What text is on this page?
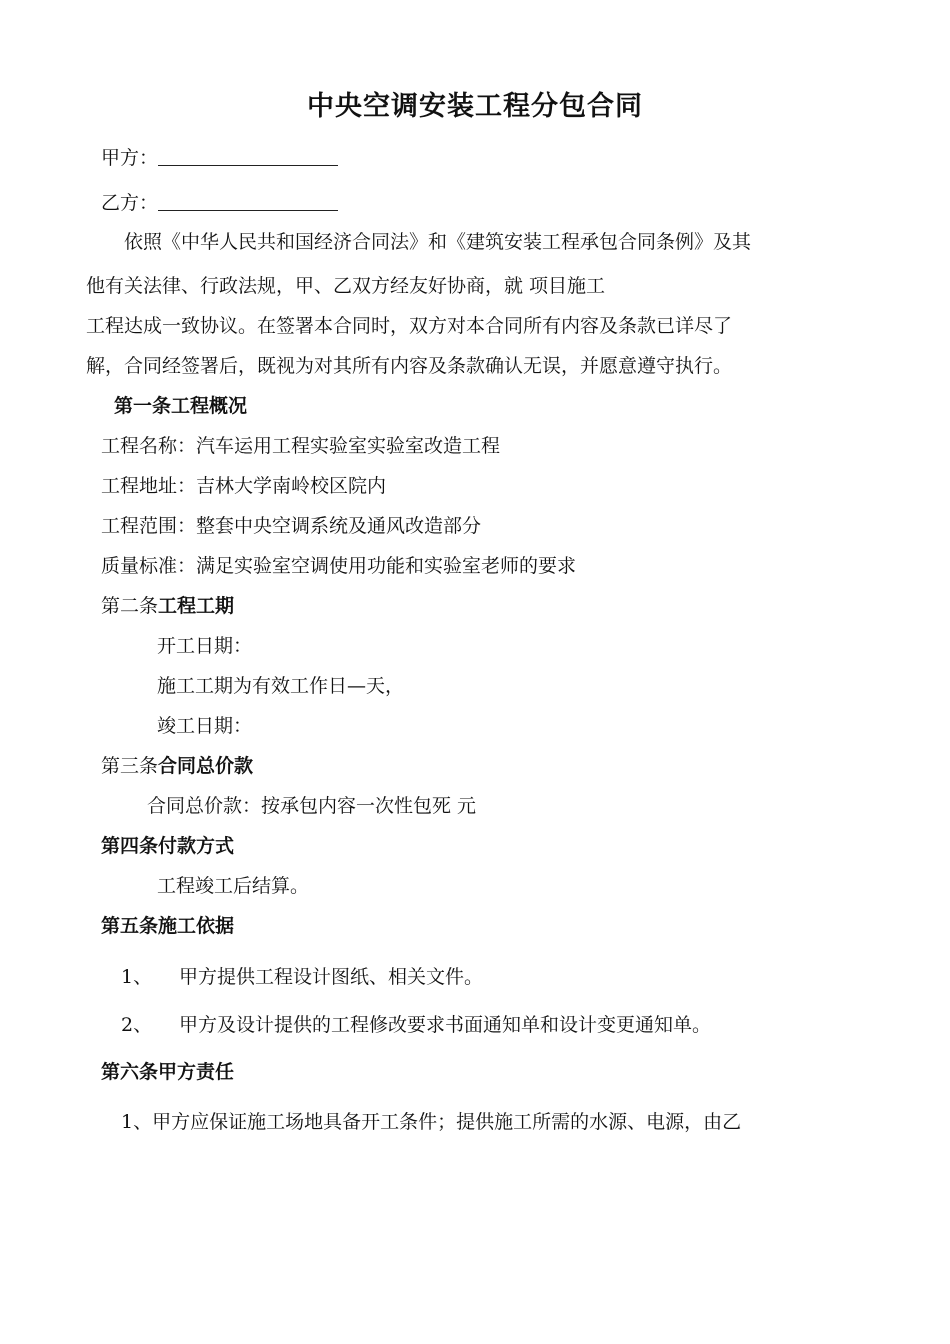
中央空调安装工程分包合同
甲方：
乙方：
依照《中华人民共和国经济合同法》和《建筑安装工程承包合同条例》及其
他有关法律、行政法规，甲、乙双方经友好协商，就 项目施工
工程达成一致协议。在签署本合同时，双方对本合同所有内容及条款已详尽了
解，合同经签署后，既视为对其所有内容及条款确认无误，并愿意遵守执行。
第一条工程概况
工程名称：汽车运用工程实验室实验室改造工程
工程地址：吉林大学南岭校区院内
工程范围：整套中央空调系统及通风改造部分
质量标准：满足实验室空调使用功能和实验室老师的要求
第二条工程工期
开工日期：
施工工期为有效工作日—天，
竣工日期：
第三条合同总价款
合同总价款：按承包内容一次性包死 元
第四条付款方式
工程竣工后结算。
第五条施工依据
1、 甲方提供工程设计图纸、相关文件。
2、 甲方及设计提供的工程修改要求书面通知单和设计变更通知单。
第六条甲方责任
1、甲方应保证施工场地具备开工条件；提供施工所需的水源、电源，由乙
